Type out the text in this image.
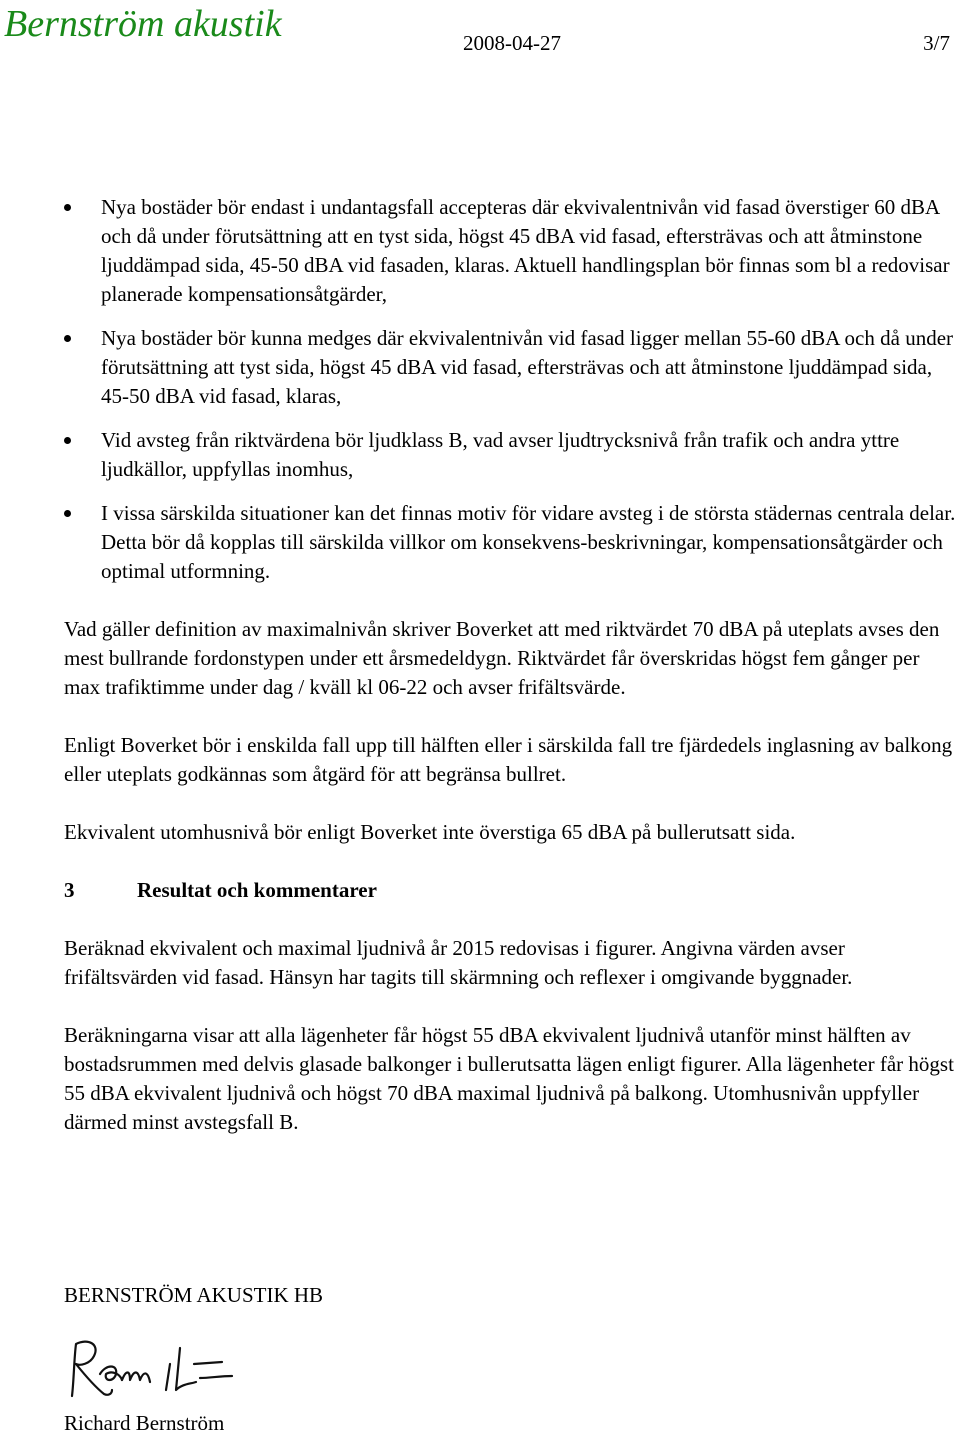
Bernström akustik	2008-04-27	3/7
Nya bostäder bör endast i undantagsfall accepteras där ekvivalentnivån vid fasad överstiger 60 dBA och då under förutsättning att en tyst sida, högst 45 dBA vid fasad, eftersträvas och att åtminstone ljuddämpad sida, 45-50 dBA vid fasaden, klaras. Aktuell handlingsplan bör finnas som bl a redovisar planerade kompensationsåtgärder,
Nya bostäder bör kunna medges där ekvivalentnivån vid fasad ligger mellan 55-60 dBA och då under förutsättning att tyst sida, högst 45 dBA vid fasad, eftersträvas och att åtminstone ljuddämpad sida, 45-50 dBA vid fasad, klaras,
Vid avsteg från riktvärdena bör ljudklass B, vad avser ljudtrycksnivå från trafik och andra yttre ljudkällor, uppfyllas inomhus,
I vissa särskilda situationer kan det finnas motiv för vidare avsteg i de största städernas centrala delar. Detta bör då kopplas till särskilda villkor om konsekvens-beskrivningar, kompensationsåtgärder och optimal utformning.

Vad gäller definition av maximalnivån skriver Boverket att med riktvärdet 70 dBA på uteplats avses den mest bullrande fordonstypen under ett årsmedeldygn. Riktvärdet får överskridas högst fem gånger per max trafiktimme under dag / kväll kl 06-22 och avser frifältsvärde.

Enligt Boverket bör i enskilda fall upp till hälften eller i särskilda fall tre fjärdedels inglasning av balkong eller uteplats godkännas som åtgärd för att begränsa bullret.

Ekvivalent utomhusnivå bör enligt Boverket inte överstiga 65 dBA på bullerutsatt sida.

3	Resultat och kommentarer

Beräknad ekvivalent och maximal ljudnivå år 2015 redovisas i figurer. Angivna värden avser frifältsvärden vid fasad. Hänsyn har tagits till skärmning och reflexer i omgivande byggnader.

Beräkningarna visar att alla lägenheter får högst 55 dBA ekvivalent ljudnivå utanför minst hälften av bostadsrummen med delvis glasade balkonger i bullerutsatta lägen enligt figurer. Alla lägenheter får högst 55 dBA ekvivalent ljudnivå och högst 70 dBA maximal ljudnivå på balkong. Utomhusnivån uppfyller därmed minst avstegsfall B.

BERNSTRÖM AKUSTIK HB
Richard Bernström
